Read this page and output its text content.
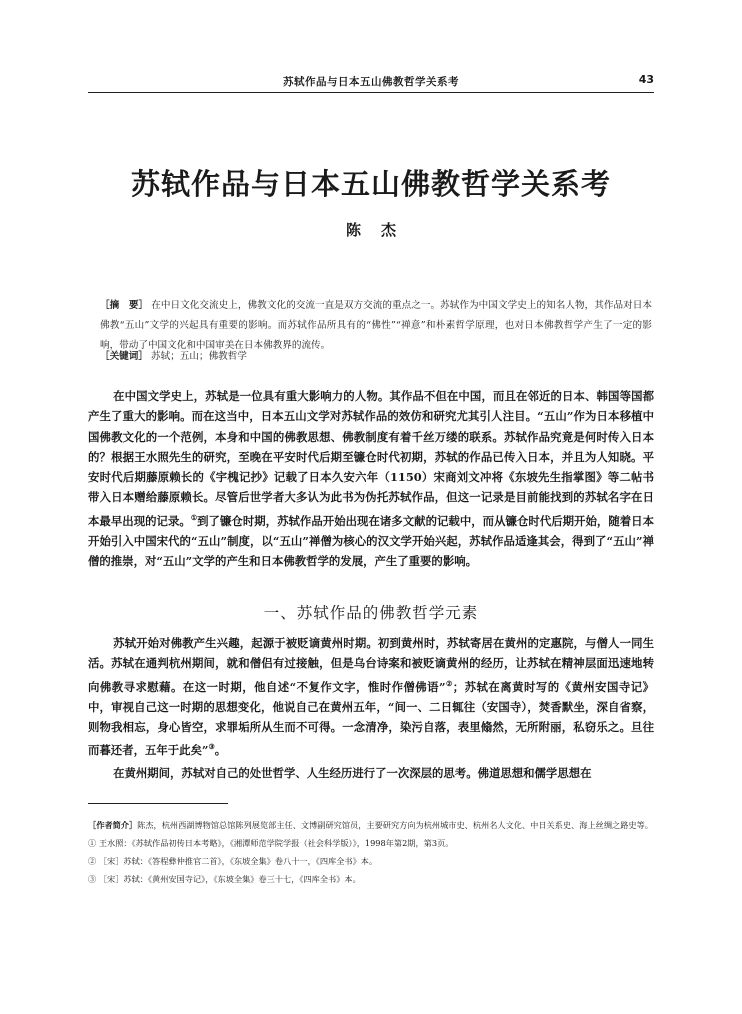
苏轼作品与日本五山佛教哲学关系考	43
苏轼作品与日本五山佛教哲学关系考
陈杰
［摘　要］ 在中日文化交流史上，佛教文化的交流一直是双方交流的重点之一。苏轼作为中国文学史上的知名人物，其作品对日本佛教“五山”文学的兴起具有重要的影响。而苏轼作品所具有的“佛性”“禅意”和朴素哲学原理，也对日本佛教哲学产生了一定的影响，带动了中国文化和中国审美在日本佛教界的流传。
［关键词］ 苏轼；五山；佛教哲学

在中国文学史上，苏轼是一位具有重大影响力的人物。其作品不但在中国，而且在邻近的日本、韩国等国都产生了重大的影响。而在这当中，日本五山文学对苏轼作品的效仿和研究尤其引人注目。“五山”作为日本移植中国佛教文化的一个范例，本身和中国的佛教思想、佛教制度有着千丝万缕的联系。苏轼作品究竟是何时传入日本的？根据王水照先生的研究，至晚在平安时代后期至镰仓时代初期，苏轼的作品已传入日本，并且为人知晓。平安时代后期藤原赖长的《宇槐记抄》记载了日本久安六年（1150）宋商刘文冲将《东坡先生指掌图》等二帖书带入日本赠给藤原赖长。尽管后世学者大多认为此书为伪托苏轼作品，但这一记录是目前能找到的苏轼名字在日本最早出现的记录。①到了镰仓时期，苏轼作品开始出现在诸多文献的记载中，而从镰仓时代后期开始，随着日本开始引入中国宋代的“五山”制度，以“五山”禅僧为核心的汉文学开始兴起，苏轼作品适逢其会，得到了“五山”禅僧的推崇，对“五山”文学的产生和日本佛教哲学的发展，产生了重要的影响。

一、苏轼作品的佛教哲学元素

苏轼开始对佛教产生兴趣，起源于被贬谪黄州时期。初到黄州时，苏轼寄居在黄州的定惠院，与僧人一同生活。苏轼在通判杭州期间，就和僧侣有过接触，但是乌台诗案和被贬谪黄州的经历，让苏轼在精神层面迅速地转向佛教寻求慰藉。在这一时期，他自述“不复作文字，惟时作僧佛语”②；苏轼在离黄时写的《黄州安国寺记》中，审视自己这一时期的思想变化，他说自己在黄州五年，“间一、二日辄往（安国寺），焚香默坐，深自省察，则物我相忘，身心皆空，求罪垢所从生而不可得。一念清净，染污自落，表里翛然，无所附丽，私窃乐之。旦往而暮还者，五年于此矣”③。

在黄州期间，苏轼对自己的处世哲学、人生经历进行了一次深层的思考。佛道思想和儒学思想在

［作者简介］陈杰，杭州西湖博物馆总馆陈列展览部主任、文博副研究馆员，主要研究方向为杭州城市史、杭州名人文化、中日关系史、海上丝绸之路史等。

① 王水照：《苏轼作品初传日本考略》，《湘潭师范学院学报（社会科学版）》，1998年第2期，第3页。

② ［宋］苏轼：《答程彝仲推官二首》，《东坡全集》卷八十一，《四库全书》本。

③ ［宋］苏轼：《黄州安国寺记》，《东坡全集》卷三十七，《四库全书》本。
